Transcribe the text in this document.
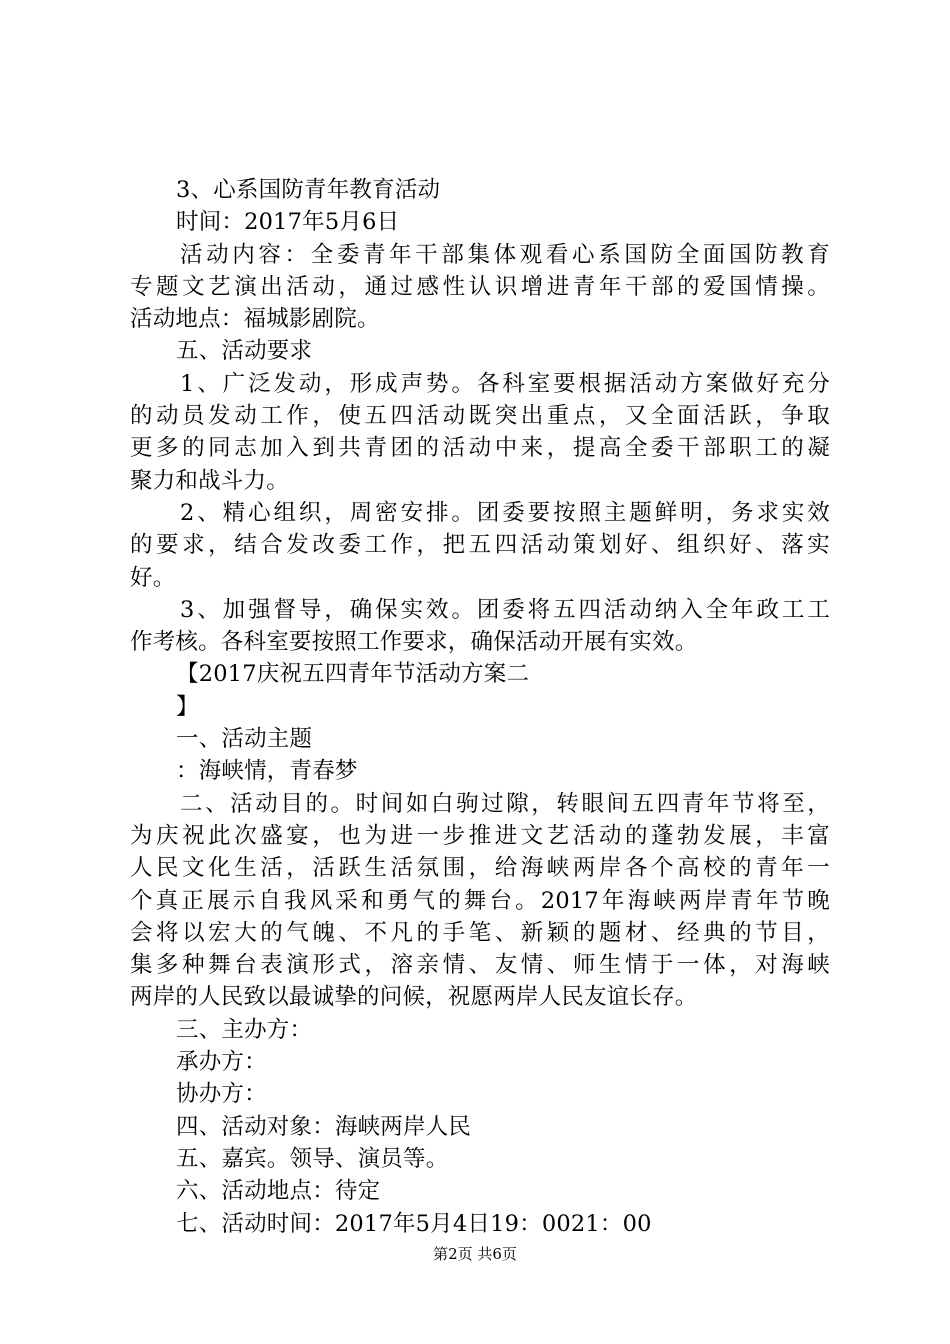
3、心系国防青年教育活动
时间：2017年5月6日
活动内容：全委青年干部集体观看心系国防全面国防教育
专题文艺演出活动，通过感性认识增进青年干部的爱国情操。
活动地点：福城影剧院。
五、活动要求
1、广泛发动，形成声势。各科室要根据活动方案做好充分
的动员发动工作，使五四活动既突出重点，又全面活跃，争取
更多的同志加入到共青团的活动中来，提高全委干部职工的凝
聚力和战斗力。
2、精心组织，周密安排。团委要按照主题鲜明，务求实效
的要求，结合发改委工作，把五四活动策划好、组织好、落实
好。
3、加强督导，确保实效。团委将五四活动纳入全年政工工
作考核。各科室要按照工作要求，确保活动开展有实效。
【2017庆祝五四青年节活动方案二
】
一、活动主题
：海峡情，青春梦
二、活动目的。时间如白驹过隙，转眼间五四青年节将至，
为庆祝此次盛宴，也为进一步推进文艺活动的蓬勃发展，丰富
人民文化生活，活跃生活氛围，给海峡两岸各个高校的青年一
个真正展示自我风采和勇气的舞台。2017年海峡两岸青年节晚
会将以宏大的气魄、不凡的手笔、新颖的题材、经典的节目，
集多种舞台表演形式，溶亲情、友情、师生情于一体，对海峡
两岸的人民致以最诚挚的问候，祝愿两岸人民友谊长存。
三、主办方：
承办方：
协办方：
四、活动对象：海峡两岸人民
五、嘉宾。领导、演员等。
六、活动地点：待定
七、活动时间：2017年5月4日19：0021：00
第2页 共6页
